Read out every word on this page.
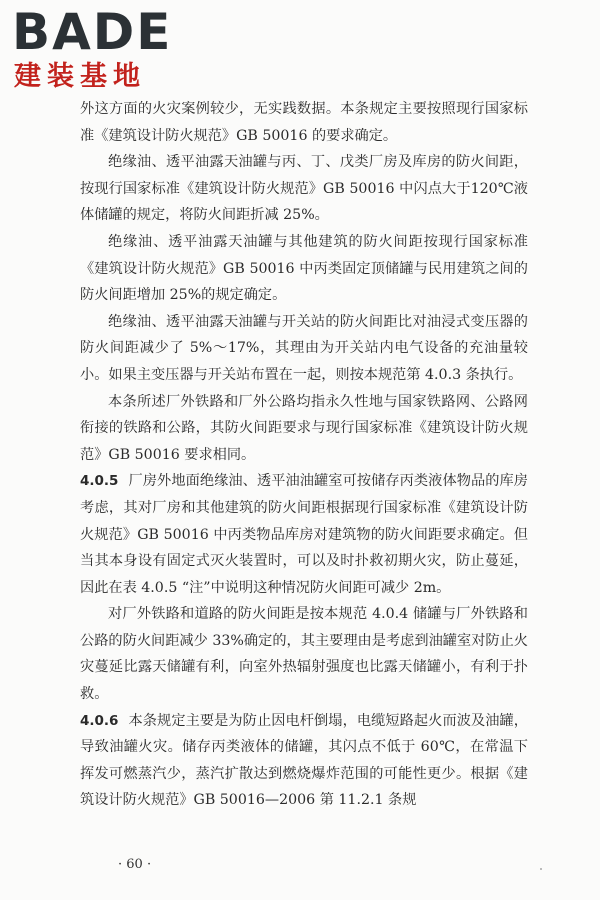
BADE
建装基地

外这方面的火灾案例较少，无实践数据。本条规定主要按照现行国家标准《建筑设计防火规范》GB 50016 的要求确定。

绝缘油、透平油露天油罐与丙、丁、戊类厂房及库房的防火间距，按现行国家标准《建筑设计防火规范》GB 50016 中闪点大于120℃液体储罐的规定，将防火间距折减 25%。

绝缘油、透平油露天油罐与其他建筑的防火间距按现行国家标准《建筑设计防火规范》GB 50016 中丙类固定顶储罐与民用建筑之间的防火间距增加 25%的规定确定。

绝缘油、透平油露天油罐与开关站的防火间距比对油浸式变压器的防火间距减少了 5%～17%，其理由为开关站内电气设备的充油量较小。如果主变压器与开关站布置在一起，则按本规范第 4.0.3 条执行。

本条所述厂外铁路和厂外公路均指永久性地与国家铁路网、公路网衔接的铁路和公路，其防火间距要求与现行国家标准《建筑设计防火规范》GB 50016 要求相同。

4.0.5 厂房外地面绝缘油、透平油油罐室可按储存丙类液体物品的库房考虑，其对厂房和其他建筑的防火间距根据现行国家标准《建筑设计防火规范》GB 50016 中丙类物品库房对建筑物的防火间距要求确定。但当其本身设有固定式灭火装置时，可以及时扑救初期火灾，防止蔓延，因此在表 4.0.5 “注”中说明这种情况防火间距可减少 2m。

对厂外铁路和道路的防火间距是按本规范 4.0.4 储罐与厂外铁路和公路的防火间距减少 33%确定的，其主要理由是考虑到油罐室对防止火灾蔓延比露天储罐有利，向室外热辐射强度也比露天储罐小，有利于扑救。

4.0.6 本条规定主要是为防止因电杆倒塌，电缆短路起火而波及油罐，导致油罐火灾。储存丙类液体的储罐，其闪点不低于 60℃，在常温下挥发可燃蒸汽少，蒸汽扩散达到燃烧爆炸范围的可能性更少。根据《建筑设计防火规范》GB 50016—2006 第 11.2.1 条规

· 60 ·
